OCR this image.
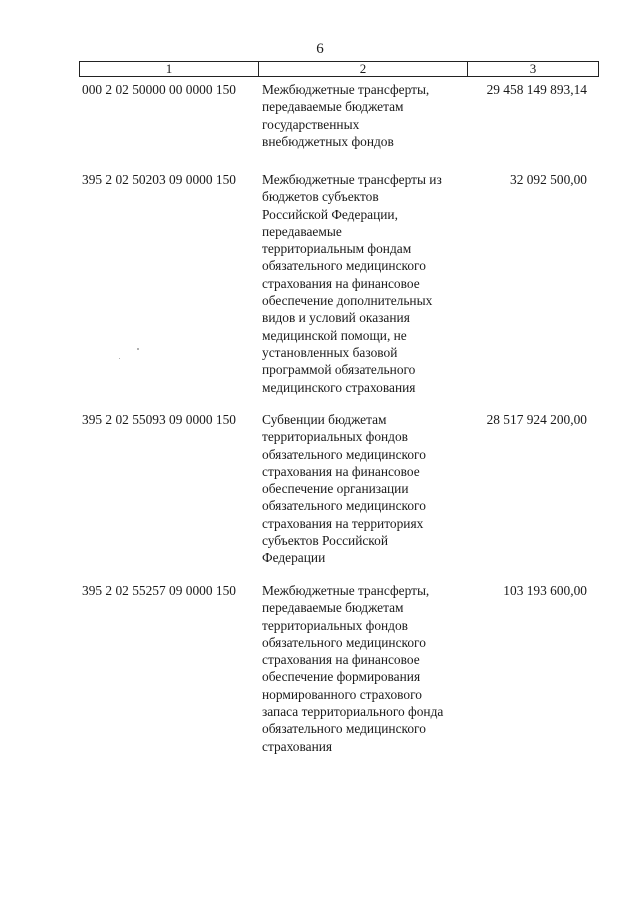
6
1	2	3
000 2 02 50000 00 0000 150 Межбюджетные трансферты,
передаваемые бюджетам
государственных
внебюджетных фондов
29 458 149 893,14
395 2 02 50203 09 0000 150 Межбюджетные трансферты из
бюджетов субъектов
Российской Федерации,
передаваемые
территориальным фондам
обязательного медицинского
страхования на финансовое
обеспечение дополнительных
видов и условий оказания
медицинской помощи, не
установленных базовой
программой обязательного
медицинского страхования
32 092 500,00
395 2 02 55093 09 0000 150 Субвенции бюджетам
территориальных фондов
обязательного медицинского
страхования на финансовое
обеспечение организации
обязательного медицинского
страхования на территориях
субъектов Российской
Федерации
28 517 924 200,00
395 2 02 55257 09 0000 150 Межбюджетные трансферты,
передаваемые бюджетам
территориальных фондов
обязательного медицинского
страхования на финансовое
обеспечение формирования
нормированного страхового
запаса территориального фонда
обязательного медицинского
страхования
103 193 600,00
